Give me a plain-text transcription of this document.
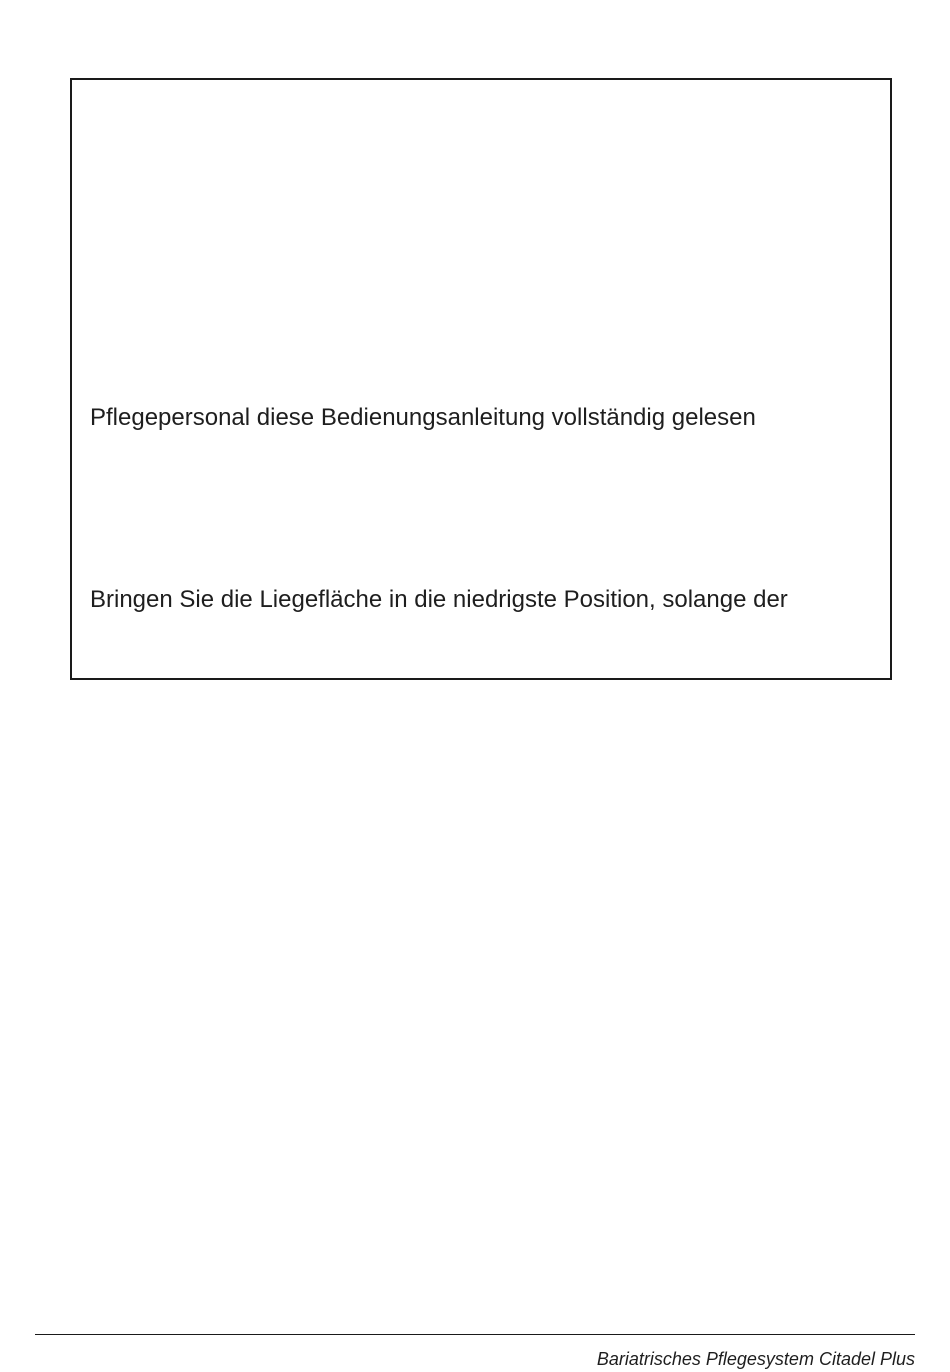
Pflegepersonal diese Bedienungsanleitung vollständig gelesen

Bringen Sie die Liegefläche in die niedrigste Position, solange der

Bariatrisches Pflegesystem Citadel Plus
